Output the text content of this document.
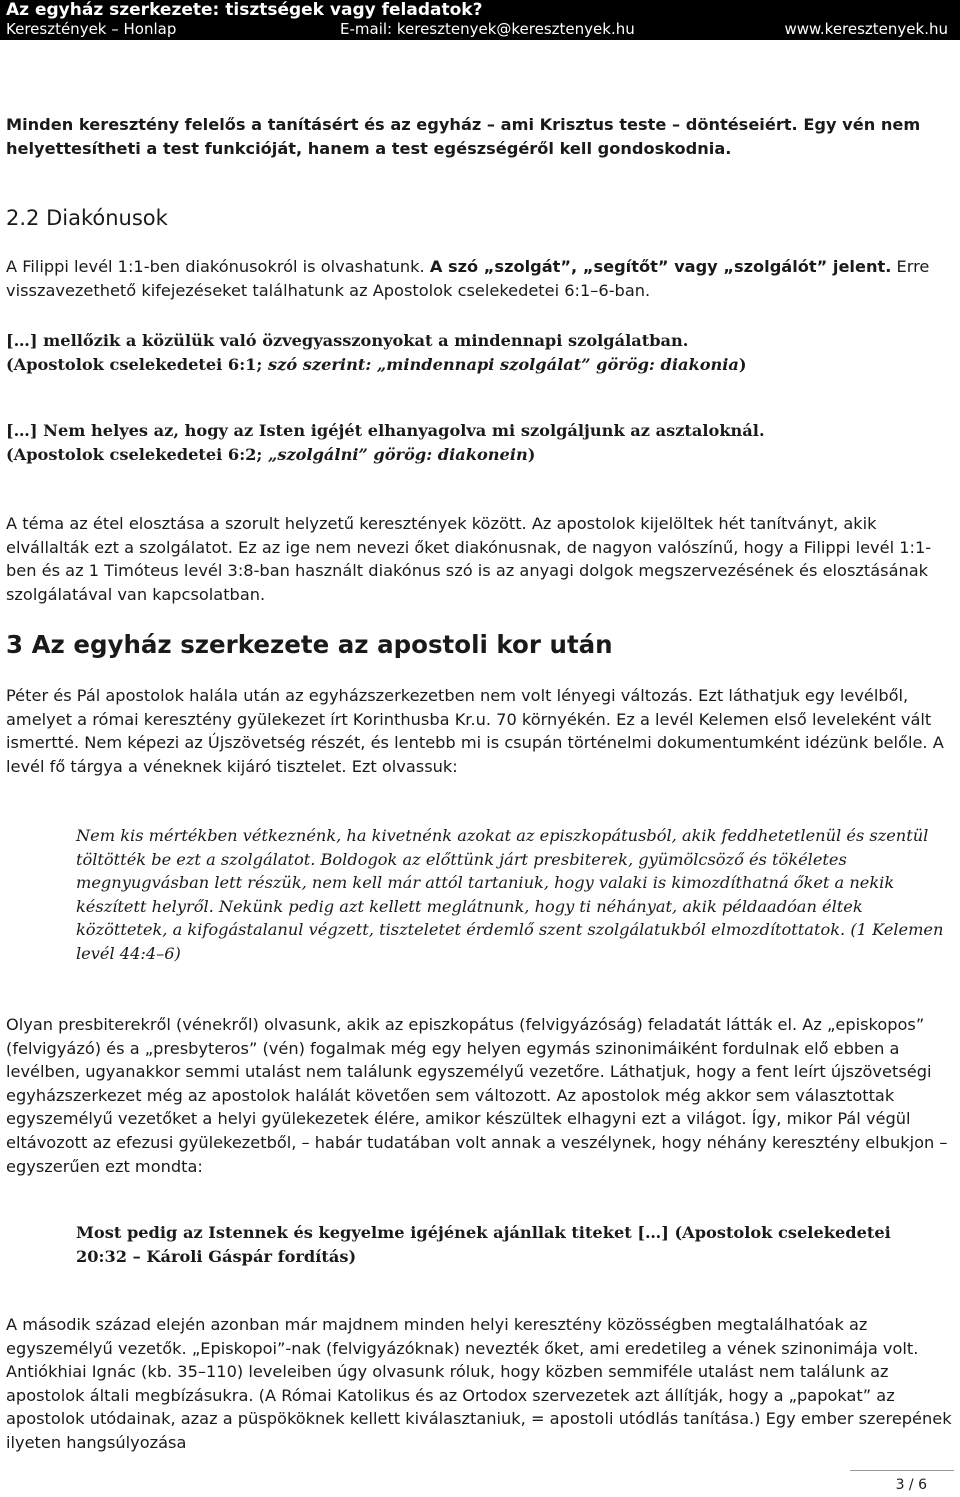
Az egyház szerkezete: tisztségek vagy feladatok?
Keresztények – Honlap	E-mail: keresztenyek@keresztenyek.hu	www.keresztenyek.hu

Minden keresztény felelős a tanításért és az egyház – ami Krisztus teste – döntéseiért. Egy vén nem helyettesítheti a test funkcióját, hanem a test egészségéről kell gondoskodnia.

2.2 Diakónusok

A Filippi levél 1:1-ben diakónusokról is olvashatunk. A szó „szolgát”, „segítőt” vagy „szolgálót” jelent. Erre visszavezethető kifejezéseket találhatunk az Apostolok cselekedetei 6:1–6-ban.

[…] mellőzik a közülük való özvegyasszonyokat a mindennapi szolgálatban.
(Apostolok cselekedetei 6:1; szó szerint: „mindennapi szolgálat” görög: diakonia)
[…] Nem helyes az, hogy az Isten igéjét elhanyagolva mi szolgáljunk az asztaloknál.
(Apostolok cselekedetei 6:2; „szolgálni” görög: diakonein)

A téma az étel elosztása a szorult helyzetű keresztények között. Az apostolok kijelöltek hét tanítványt, akik elvállalták ezt a szolgálatot. Ez az ige nem nevezi őket diakónusnak, de nagyon valószínű, hogy a Filippi levél 1:1-ben és az 1 Timóteus levél 3:8-ban használt diakónus szó is az anyagi dolgok megszervezésének és elosztásának szolgálatával van kapcsolatban.

3 Az egyház szerkezete az apostoli kor után

Péter és Pál apostolok halála után az egyházszerkezetben nem volt lényegi változás. Ezt láthatjuk egy levélből, amelyet a római keresztény gyülekezet írt Korinthusba Kr.u. 70 környékén. Ez a levél Kelemen első leveleként vált ismertté. Nem képezi az Újszövetség részét, és lentebb mi is csupán történelmi dokumentumként idézünk belőle. A levél fő tárgya a véneknek kijáró tisztelet. Ezt olvassuk:

Nem kis mértékben vétkeznénk, ha kivetnénk azokat az episzkopátusból, akik feddhetetlenül és szentül töltötték be ezt a szolgálatot. Boldogok az előttünk járt presbiterek, gyümölcsöző és tökéletes megnyugvásban lett részük, nem kell már attól tartaniuk, hogy valaki is kimozdíthatná őket a nekik készített helyről. Nekünk pedig azt kellett meglátnunk, hogy ti néhányat, akik példaadóan éltek közöttetek, a kifogástalanul végzett, tiszteletet érdemlő szent szolgálatukból elmozdítottatok. (1 Kelemen levél 44:4–6)

Olyan presbiterekről (vénekről) olvasunk, akik az episzkopátus (felvigyázóság) feladatát látták el. Az „episkopos” (felvigyázó) és a „presbyteros” (vén) fogalmak még egy helyen egymás szinonimáiként fordulnak elő ebben a levélben, ugyanakkor semmi utalást nem találunk egyszemélyű vezetőre. Láthatjuk, hogy a fent leírt újszövetségi egyházszerkezet még az apostolok halálát követően sem változott. Az apostolok még akkor sem választottak egyszemélyű vezetőket a helyi gyülekezetek élére, amikor készültek elhagyni ezt a világot. Így, mikor Pál végül eltávozott az efezusi gyülekezetből, – habár tudatában volt annak a veszélynek, hogy néhány keresztény elbukjon – egyszerűen ezt mondta:

Most pedig az Istennek és kegyelme igéjének ajánllak titeket […] (Apostolok cselekedetei 20:32 – Károli Gáspár fordítás)

A második század elején azonban már majdnem minden helyi keresztény közösségben megtalálhatóak az egyszemélyű vezetők. „Episkopoi”-nak (felvigyázóknak) nevezték őket, ami eredetileg a vének szinonimája volt. Antiókhiai Ignác (kb. 35–110) leveleiben úgy olvasunk róluk, hogy közben semmiféle utalást nem találunk az apostolok általi megbízásukra. (A Római Katolikus és az Ortodox szervezetek azt állítják, hogy a „papokat” az apostolok utódainak, azaz a püspököknek kellett kiválasztaniuk, = apostoli utódlás tanítása.) Egy ember szerepének ilyeten hangsúlyozása

3 / 6
